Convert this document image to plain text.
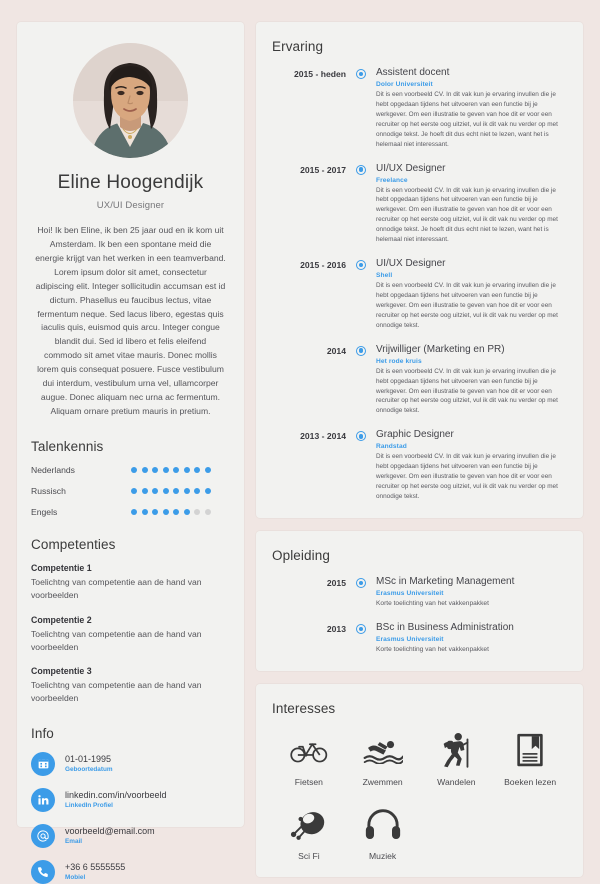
Eline Hoogendijk
UX/UI Designer
Hoi! Ik ben Eline, ik ben 25 jaar oud en ik kom uit Amsterdam. Ik ben een spontane meid die energie krijgt van het werken in een teamverband. Lorem ipsum dolor sit amet, consectetur adipiscing elit. Integer sollicitudin accumsan est id dictum. Phasellus eu faucibus lectus, vitae fermentum neque. Sed lacus libero, egestas quis iaculis quis, euismod quis arcu. Integer congue blandit dui. Sed id libero et felis eleifend commodo sit amet vitae mauris. Donec mollis lorem quis consequat posuere. Fusce vestibulum dui interdum, vestibulum urna vel, ullamcorper augue. Donec aliquam nec urna ac fermentum. Aliquam ornare pretium mauris in pretium.
Talenkennis
Nederlands
Russisch
Engels
Competenties
Competentie 1
Toelichtng van competentie aan de hand van voorbeelden
Competentie 2
Toelichtng van competentie aan de hand van voorbeelden
Competentie 3
Toelichtng van competentie aan de hand van voorbeelden
Info
01-01-1995
Geboortedatum
linkedin.com/in/voorbeeld
LinkedIn Profiel
voorbeeld@email.com
Email
+36 6 5555555
Mobiel
Ervaring
2015 - heden	Assistent docent
Dolor Universiteit
Dit is een voorbeeld CV. In dit vak kun je ervaring invullen die je hebt opgedaan tijdens het uitvoeren van een functie bij je werkgever. Om een illustratie te geven van hoe dit er voor een recruiter op het eerste oog uitziet, vul ik dit vak nu verder op met onnodige tekst. Je hoeft dit dus echt niet te lezen, want het is helemaal niet interessant.
2015 - 2017	UI/UX Designer
Freelance
Dit is een voorbeeld CV. In dit vak kun je ervaring invullen die je hebt opgedaan tijdens het uitvoeren van een functie bij je werkgever. Om een illustratie te geven van hoe dit er voor een recruiter op het eerste oog uitziet, vul ik dit vak nu verder op met onnodige tekst. Je hoeft dit dus echt niet te lezen, want het is helemaal niet interessant.
2015 - 2016	UI/UX Designer
Shell
Dit is een voorbeeld CV. In dit vak kun je ervaring invullen die je hebt opgedaan tijdens het uitvoeren van een functie bij je werkgever. Om een illustratie te geven van hoe dit er voor een recruiter op het eerste oog uitziet, vul ik dit vak nu verder op met onnodige tekst.
2014	Vrijwilliger (Marketing en PR)
Het rode kruis
Dit is een voorbeeld CV. In dit vak kun je ervaring invullen die je hebt opgedaan tijdens het uitvoeren van een functie bij je werkgever. Om een illustratie te geven van hoe dit er voor een recruiter op het eerste oog uitziet, vul ik dit vak nu verder op met onnodige tekst.
2013 - 2014	Graphic Designer
Randstad
Dit is een voorbeeld CV. In dit vak kun je ervaring invullen die je hebt opgedaan tijdens het uitvoeren van een functie bij je werkgever. Om een illustratie te geven van hoe dit er voor een recruiter op het eerste oog uitziet, vul ik dit vak nu verder op met onnodige tekst.
Opleiding
2015	MSc in Marketing Management
Erasmus Universiteit
Korte toelichting van het vakkenpakket
2013	BSc in Business Administration
Erasmus Universiteit
Korte toelichting van het vakkenpakket
Interesses
Fietsen	Zwemmen	Wandelen	Boeken lezen
Sci Fi	Muziek
